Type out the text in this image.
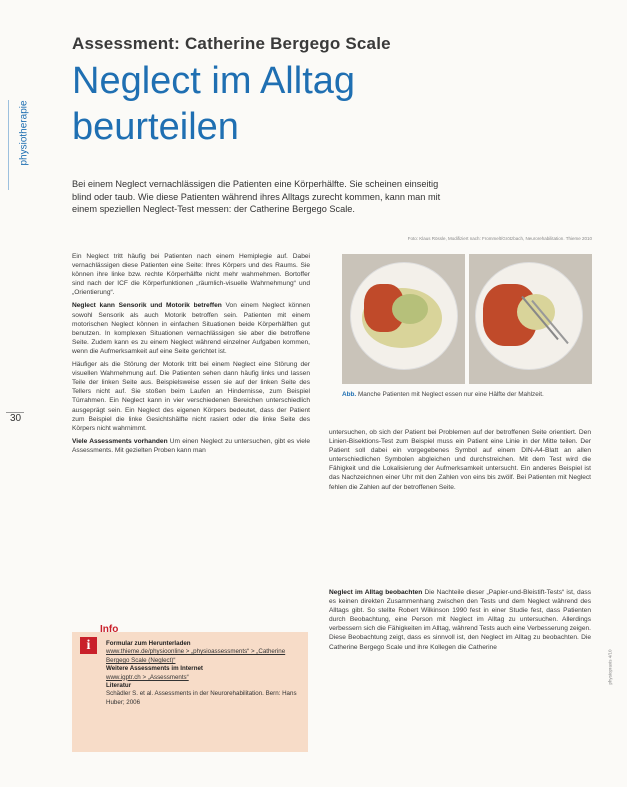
physiotherapie
30
Assessment: Catherine Bergego Scale
Neglect im Alltag
beurteilen
Bei einem Neglect vernachlässigen die Patienten eine Körperhälfte. Sie scheinen einseitig blind oder taub. Wie diese Patienten während ihres Alltags zurecht kommen, kann man mit einem speziellen Neglect-Test messen: der Catherine Bergego Scale.
Foto: Klaus Rössle, Modifiziert nach: Frommelt/Grötzbach, Neurorehabilitation. Thieme 2010
Abb. Manche Patienten mit Neglect essen nur eine Hälfte der Mahlzeit.

Ein Neglect tritt häufig bei Patienten nach einem Hemiplegie auf. Dabei vernachlässigen diese Patienten eine Seite: Ihres Körpers und des Raums. Sie können ihre linke bzw. rechte Körperhälfte nicht mehr wahrnehmen. Bortoffer sind nach der ICF die Körperfunktionen „räumlich-visuelle Wahrnehmung“ und „Orientierung“.

Neglect kann Sensorik und Motorik betreffen Von einem Neglect können sowohl Sensorik als auch Motorik betroffen sein. Patienten mit einem motorischen Neglect können in einfachen Situationen beide Körperhälften gut benutzen. In komplexen Situationen vernachlässigen sie aber die betroffene Seite. Zudem kann es zu einem Neglect während einzelner Aufgaben kommen, wenn die Aufmerksamkeit auf eine Seite gerichtet ist.

Häufiger als die Störung der Motorik tritt bei einem Neglect eine Störung der visuellen Wahrnehmung auf. Die Patienten sehen dann häufig links und lassen Teile der linken Seite aus. Beispielsweise essen sie auf der linken Seite des Tellers nicht auf. Sie stoßen beim Laufen an Hindernisse, zum Beispiel Türrahmen. Ein Neglect kann in vier verschiedenen Bereichen unterschiedlich ausgeprägt sein. Ein Neglect des eigenen Körpers bedeutet, dass der Patient zum Beispiel die linke Gesichtshälfte nicht rasiert oder die linke Seite des Körpers nicht wahrnimmt.

Viele Assessments vorhanden Um einen Neglect zu untersuchen, gibt es viele Assessments. Mit gezielten Proben kann man

untersuchen, ob sich der Patient bei Problemen auf der betroffenen Seite orientiert. Den Linien-Bisektions-Test zum Beispiel muss ein Patient eine Linie in der Mitte teilen. Der Patient soll dabei ein vorgegebenes Symbol auf einem DIN-A4-Blatt an allen unterschiedlichen Symbolen abgleichen und durchstreichen. Mit dem Test wird die Fähigkeit und die Lokalisierung der Aufmerksamkeit untersucht. Ein anderes Beispiel ist das Nachzeichnen einer Uhr mit den Zahlen von eins bis zwölf. Bei Patienten mit Neglect fehlen die Zahlen auf der betroffenen Seite.

Neglect im Alltag beobachten Die Nachteile dieser „Papier-und-Bleistift-Tests“ ist, dass es keinen direkten Zusammenhang zwischen den Tests und dem Neglect während des Alltags gibt. So stellte Robert Wilkinson 1990 fest in einer Studie fest, dass Patienten durch Beobachtung, eine Person mit Neglect im Alltag zu untersuchen. Allerdings verbessern sich die Fähigkeiten im Alltag, während Tests auch eine Verbesserung zeigen. Diese Beobachtung zeigt, dass es sinnvoll ist, den Neglect im Alltag zu beobachten. Die Catherine Bergego Scale und ihre Kollegen die Catherine

Info
i	Formular zum Herunterladen
www.thieme.de/physioonline > „physioassessments“ > „Catherine Bergego Scale (Neglect)“
Weitere Assessments im Internet
www.igptr.ch > „Assessments“
Literatur
Schädler S. et al. Assessments in der Neurorehabilitation. Bern: Hans Huber; 2006
physiopraxis 4/10
